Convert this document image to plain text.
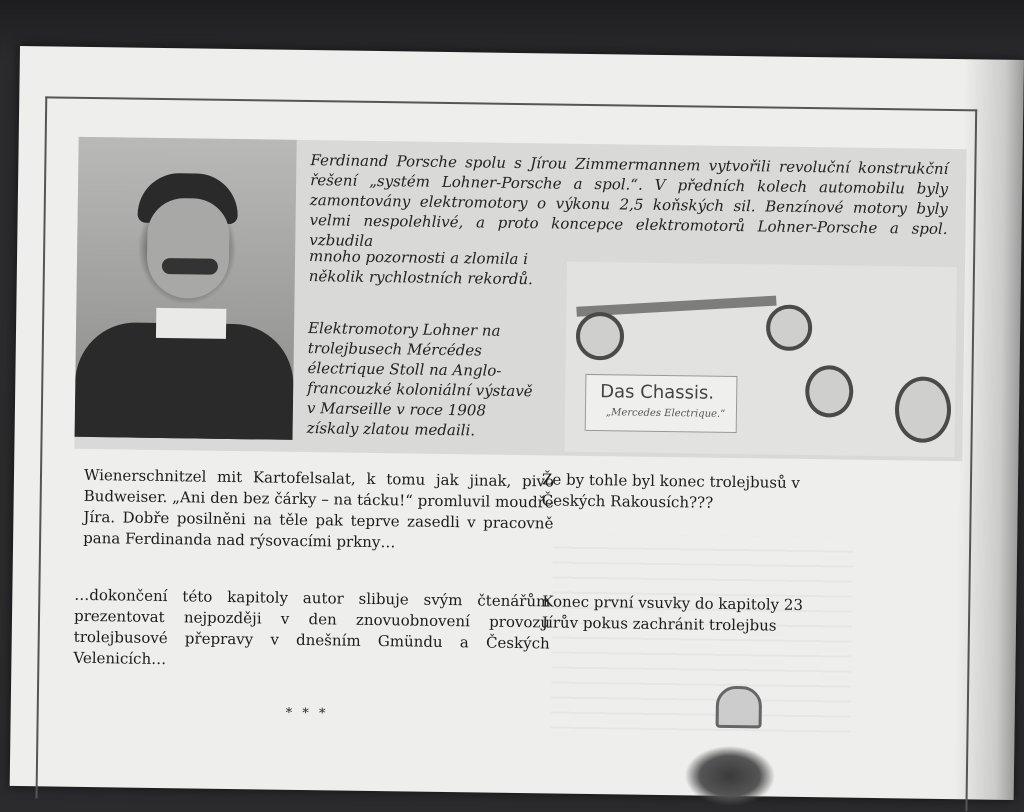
Ferdinand Porsche spolu s Jírou Zimmermannem vytvořili revoluční konstrukční řešení „systém Lohner-Porsche a spol.“. V předních kolech automobilu byly zamontovány elektromotory o výkonu 2,5 koňských sil. Benzínové motory byly velmi nespolehlivé, a proto koncepce elektromotorů Lohner-Porsche a spol. vzbudila

mnoho pozornosti a zlomila i několik rychlostních rekordů.

Elektromotory Lohner na trolejbusech Mércédes électrique Stoll na Anglo-francouzké koloniální výstavě v Marseille v roce 1908 získaly zlatou medaili.

Das Chassis.
„Mercedes Electrique.“

Wienerschnitzel mit Kartofelsalat, k tomu jak jinak, pivo Budweiser. „Ani den bez čárky – na tácku!“ promluvil moudře Jíra. Dobře posilněni na těle pak teprve zasedli v pracovně pana Ferdinanda nad rýsovacími prkny…

…dokončení této kapitoly autor slibuje svým čtenářům prezentovat nejpozději v den znovuobnovení provozu trolejbusové přepravy v dnešním Gmündu a Českých Velenicích…

Že by tohle byl konec trolejbusů v Českých Rakousích???

Konec první vsuvky do kapitoly 23 Jírův pokus zachránit trolejbus

* * *
